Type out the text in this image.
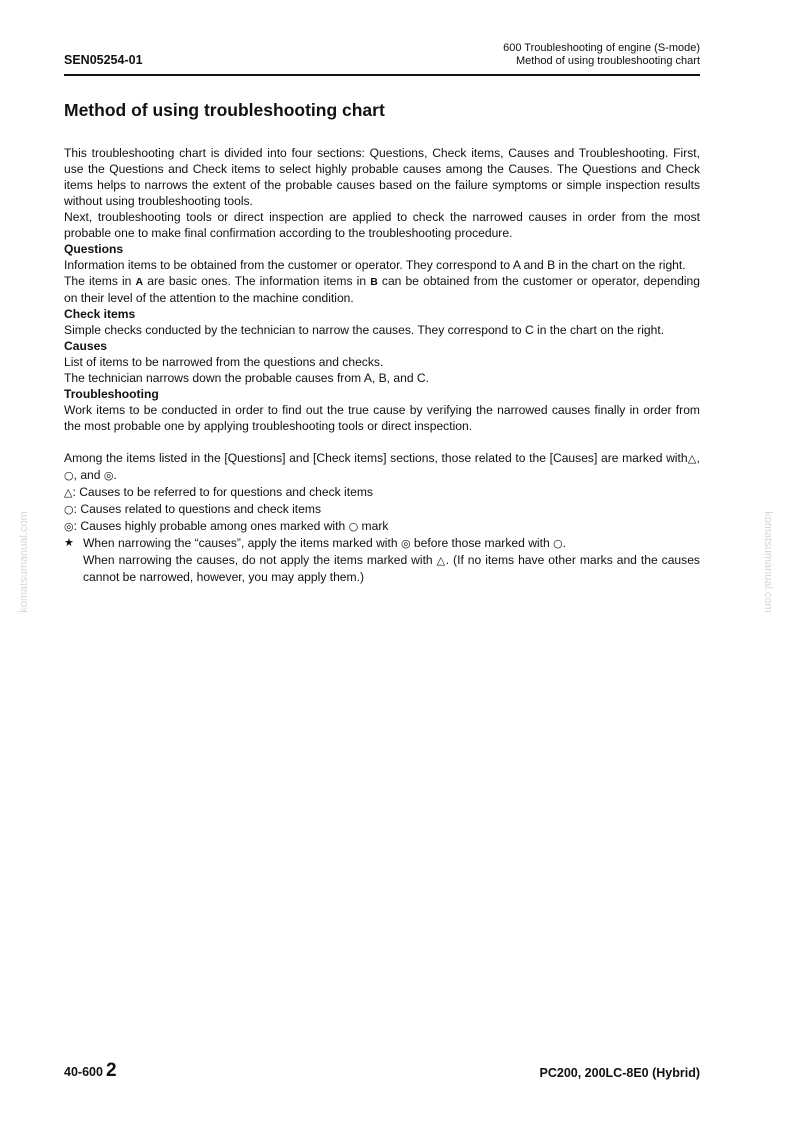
SEN05254-01
600 Troubleshooting of engine (S-mode)
Method of using troubleshooting chart
Method of using troubleshooting chart

This troubleshooting chart is divided into four sections: Questions, Check items, Causes and Troubleshooting. First, use the Questions and Check items to select highly probable causes among the Causes. The Questions and Check items helps to narrows the extent of the probable causes based on the failure symptoms or simple inspection results without using troubleshooting tools.

Next, troubleshooting tools or direct inspection are applied to check the narrowed causes in order from the most probable one to make final confirmation according to the troubleshooting procedure.

Questions

Information items to be obtained from the customer or operator. They correspond to A and B in the chart on the right.

The items in A are basic ones. The information items in B can be obtained from the customer or operator, depending on their level of the attention to the machine condition.

Check items

Simple checks conducted by the technician to narrow the causes. They correspond to C in the chart on the right.

Causes

List of items to be narrowed from the questions and checks.

The technician narrows down the probable causes from A, B, and C.

Troubleshooting

Work items to be conducted in order to find out the true cause by verifying the narrowed causes finally in order from the most probable one by applying troubleshooting tools or direct inspection.

Among the items listed in the [Questions] and [Check items] sections, those related to the [Causes] are marked with△, ○, and ◎.

△: Causes to be referred to for questions and check items

○: Causes related to questions and check items

◎: Causes highly probable among ones marked with ○ mark

★ When narrowing the “causes”, apply the items marked with ◎ before those marked with ○.

When narrowing the causes, do not apply the items marked with △. (If no items have other marks and the causes cannot be narrowed, however, you may apply them.)

komatsumanual.com	komatsumanual.com
40-600 2	PC200, 200LC-8E0 (Hybrid)
